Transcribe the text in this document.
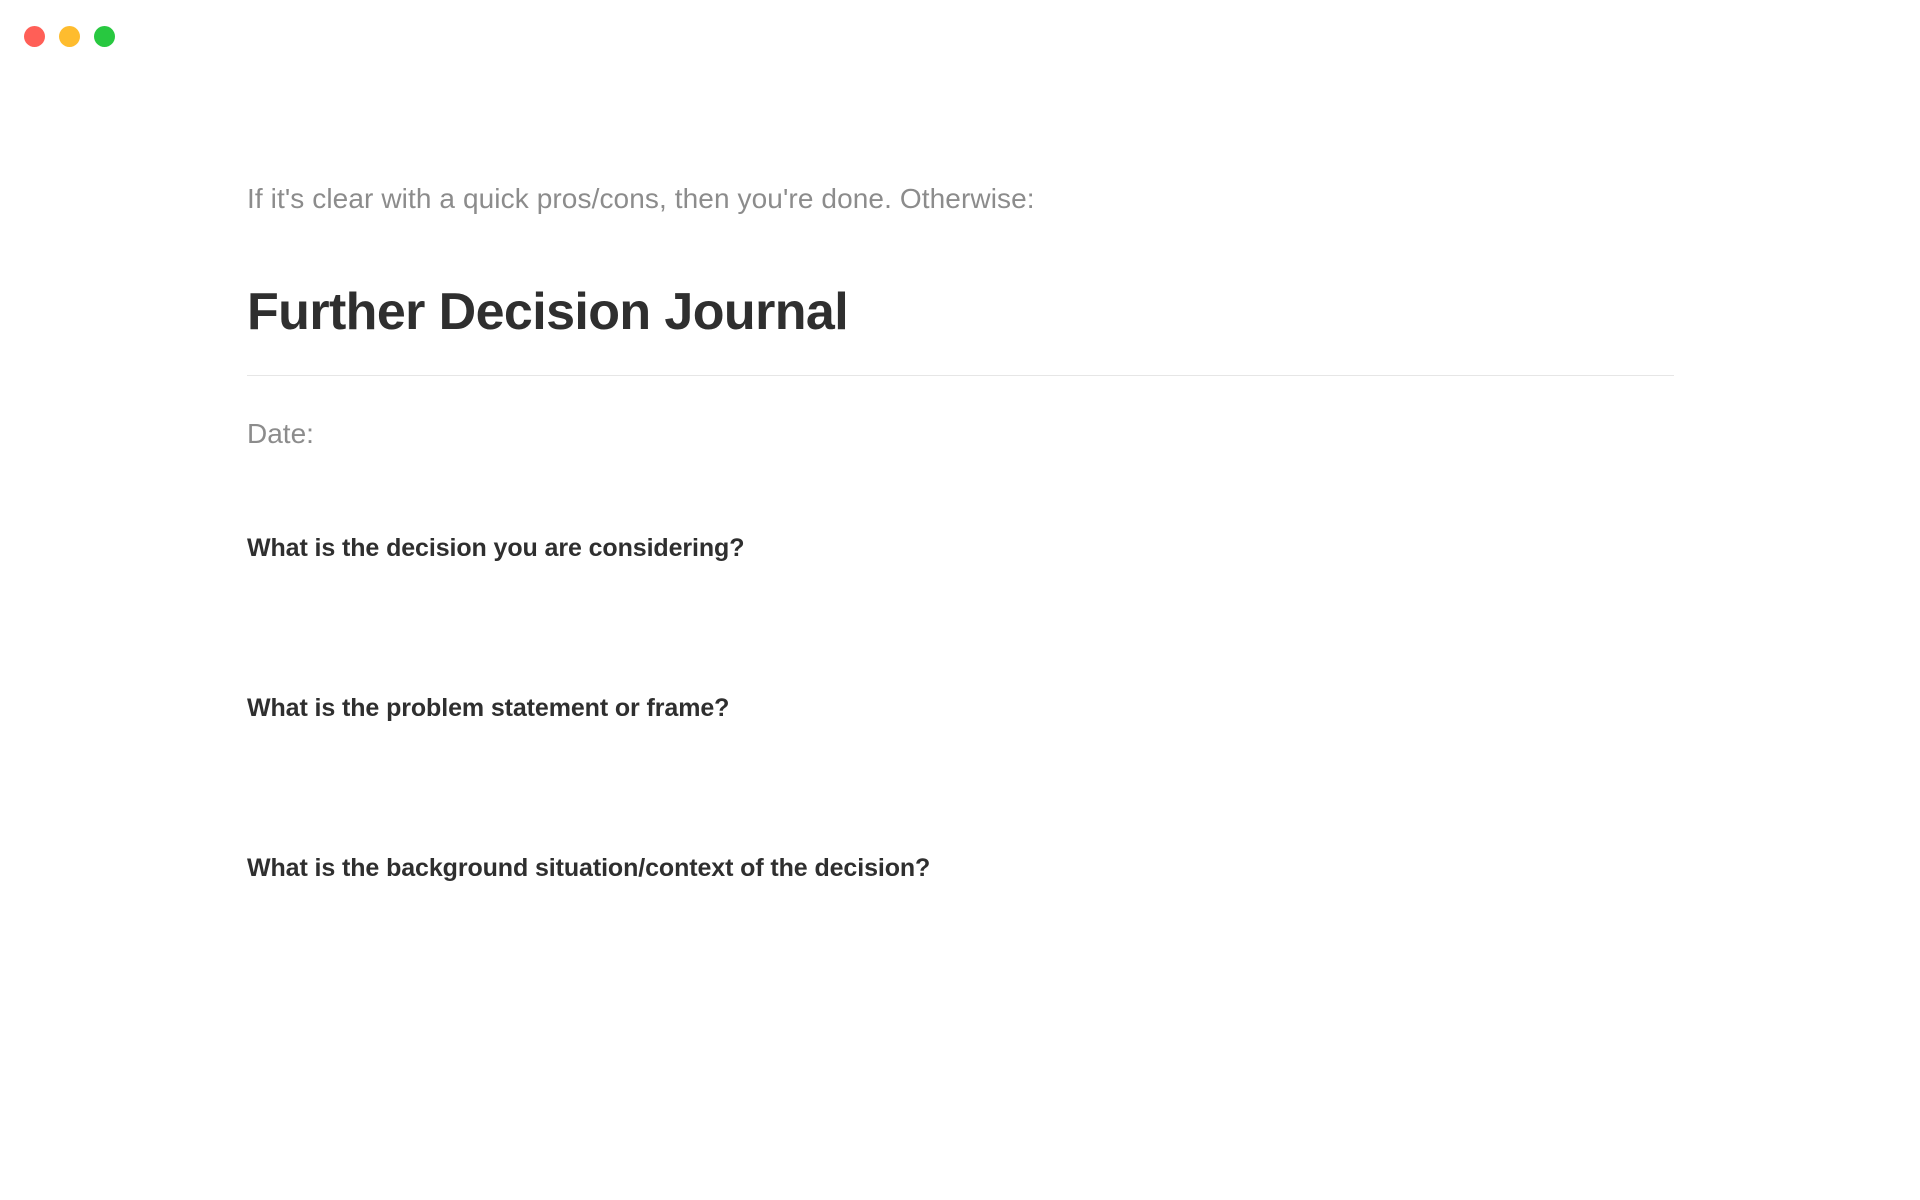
If it's clear with a quick pros/cons, then you're done. Otherwise:

Further Decision Journal

Date:

What is the decision you are considering?
What is the problem statement or frame?
What is the background situation/context of the decision?
